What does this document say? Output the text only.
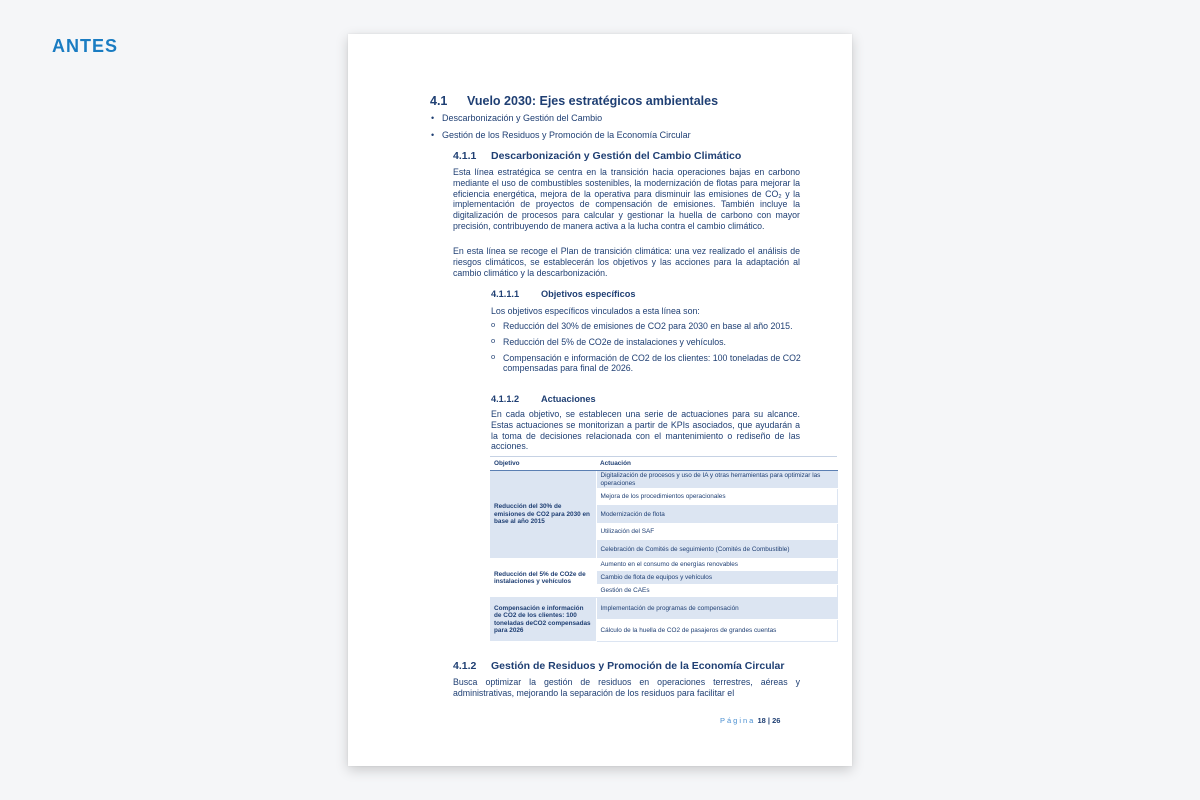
ANTES
4.1 Vuelo 2030: Ejes estratégicos ambientales
• Descarbonización y Gestión del Cambio
• Gestión de los Residuos y Promoción de la Economía Circular
4.1.1 Descarbonización y Gestión del Cambio Climático

Esta línea estratégica se centra en la transición hacia operaciones bajas en carbono mediante el uso de combustibles sostenibles, la modernización de flotas para mejorar la eficiencia energética, mejora de la operativa para disminuir las emisiones de CO₂ y la implementación de proyectos de compensación de emisiones. También incluye la digitalización de procesos para calcular y gestionar la huella de carbono con mayor precisión, contribuyendo de manera activa a la lucha contra el cambio climático.

En esta línea se recoge el Plan de transición climática: una vez realizado el análisis de riesgos climáticos, se establecerán los objetivos y las acciones para la adaptación al cambio climático y la descarbonización.

4.1.1.1 Objetivos específicos
Los objetivos específicos vinculados a esta línea son:
o Reducción del 30% de emisiones de CO2 para 2030 en base al año 2015.
o Reducción del 5% de CO2e de instalaciones y vehículos.
o Compensación e información de CO2 de los clientes: 100 toneladas de CO2 compensadas para final de 2026.
4.1.1.2 Actuaciones

En cada objetivo, se establecen una serie de actuaciones para su alcance. Estas actuaciones se monitorizan a partir de KPIs asociados, que ayudarán a la toma de decisiones relacionada con el mantenimiento o rediseño de las acciones.

Objetivo	Actuación
Reducción del 30% de emisiones de CO2 para 2030 en base al año 2015	Digitalización de procesos y uso de IA y otras herramientas para optimizar las operaciones
	Mejora de los procedimientos operacionales
	Modernización de flota
	Utilización del SAF
	Celebración de Comités de seguimiento (Comités de Combustible)
Reducción del 5% de CO2e de instalaciones y vehículos	Aumento en el consumo de energías renovables
	Cambio de flota de equipos y vehículos
	Gestión de CAEs
Compensación e información de CO2 de los clientes: 100 toneladas deCO2 compensadas para 2026	Implementación de programas de compensación
	Cálculo de la huella de CO2 de pasajeros de grandes cuentas
4.1.2 Gestión de Residuos y Promoción de la Economía Circular

Busca optimizar la gestión de residuos en operaciones terrestres, aéreas y administrativas, mejorando la separación de los residuos para facilitar el

Página 18 | 26
